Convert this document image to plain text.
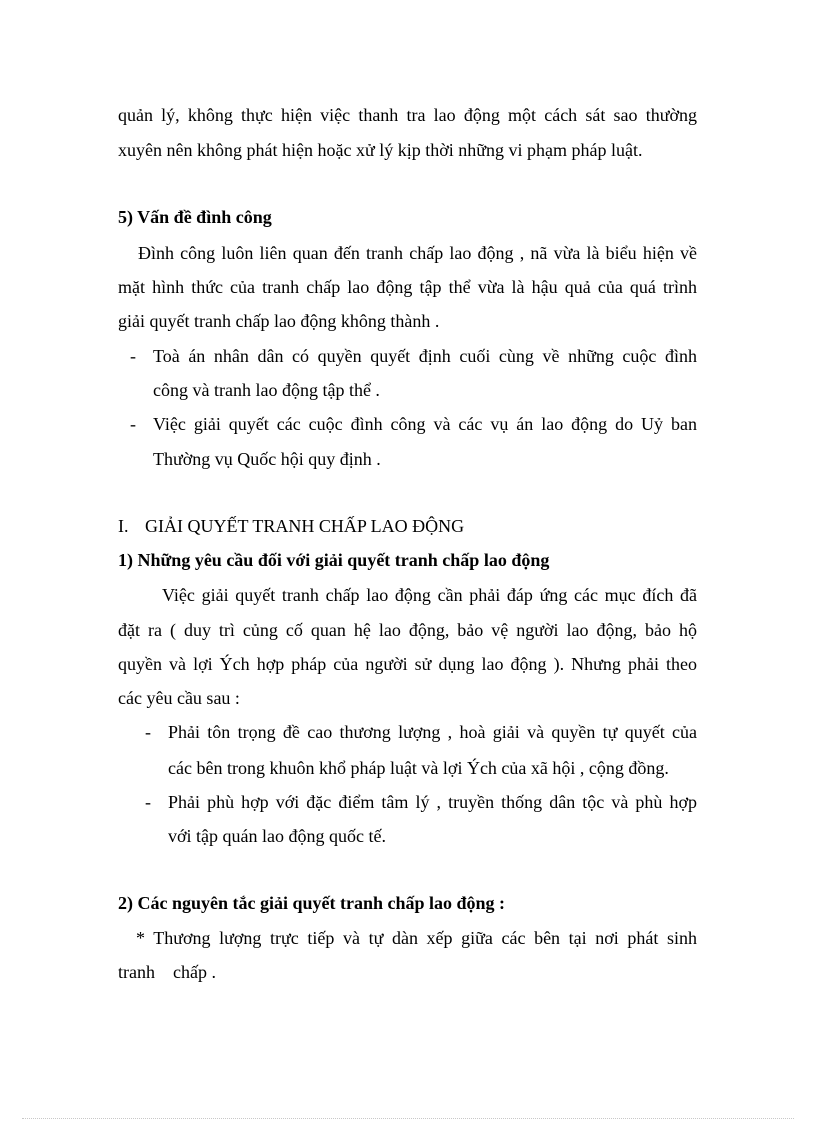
quản lý, không thực hiện việc thanh tra lao động một cách sát sao thường
xuyên nên không phát hiện hoặc xử lý kịp thời những vi phạm pháp luật.
5) Vấn đề đình công
Đình công luôn liên quan đến tranh chấp lao động , nã vừa là biểu hiện về
mặt hình thức của tranh chấp lao động tập thể vừa là hậu quả của quá trình
giải quyết tranh chấp lao động không thành .
- Toà án nhân dân có quyền quyết định cuối cùng về những cuộc đình
công và tranh lao động tập thể .
- Việc giải quyết các cuộc đình công và các vụ án lao động do Uỷ ban
Thường vụ Quốc hội quy định .
I. GIẢI QUYẾT TRANH CHẤP LAO ĐỘNG
1) Những yêu cầu đối với giải quyết tranh chấp lao động
Việc giải quyết tranh chấp lao động cần phải đáp ứng các mục đích đã
đặt ra ( duy trì củng cố quan hệ lao động, bảo vệ người lao động, bảo hộ
quyền và lợi Ých hợp pháp của người sử dụng lao động ). Nhưng phải theo
các yêu cầu sau :
- Phải tôn trọng đề cao thương lượng , hoà giải và quyền tự quyết của
các bên trong khuôn khổ pháp luật và lợi Ých của xã hội , cộng đồng.
- Phải phù hợp với đặc điểm tâm lý , truyền thống dân tộc và phù hợp
với tập quán lao động quốc tế.
2) Các nguyên tắc giải quyết tranh chấp lao động :
* Thương lượng trực tiếp và tự dàn xếp giữa các bên tại nơi phát sinh
tranh    chấp .
